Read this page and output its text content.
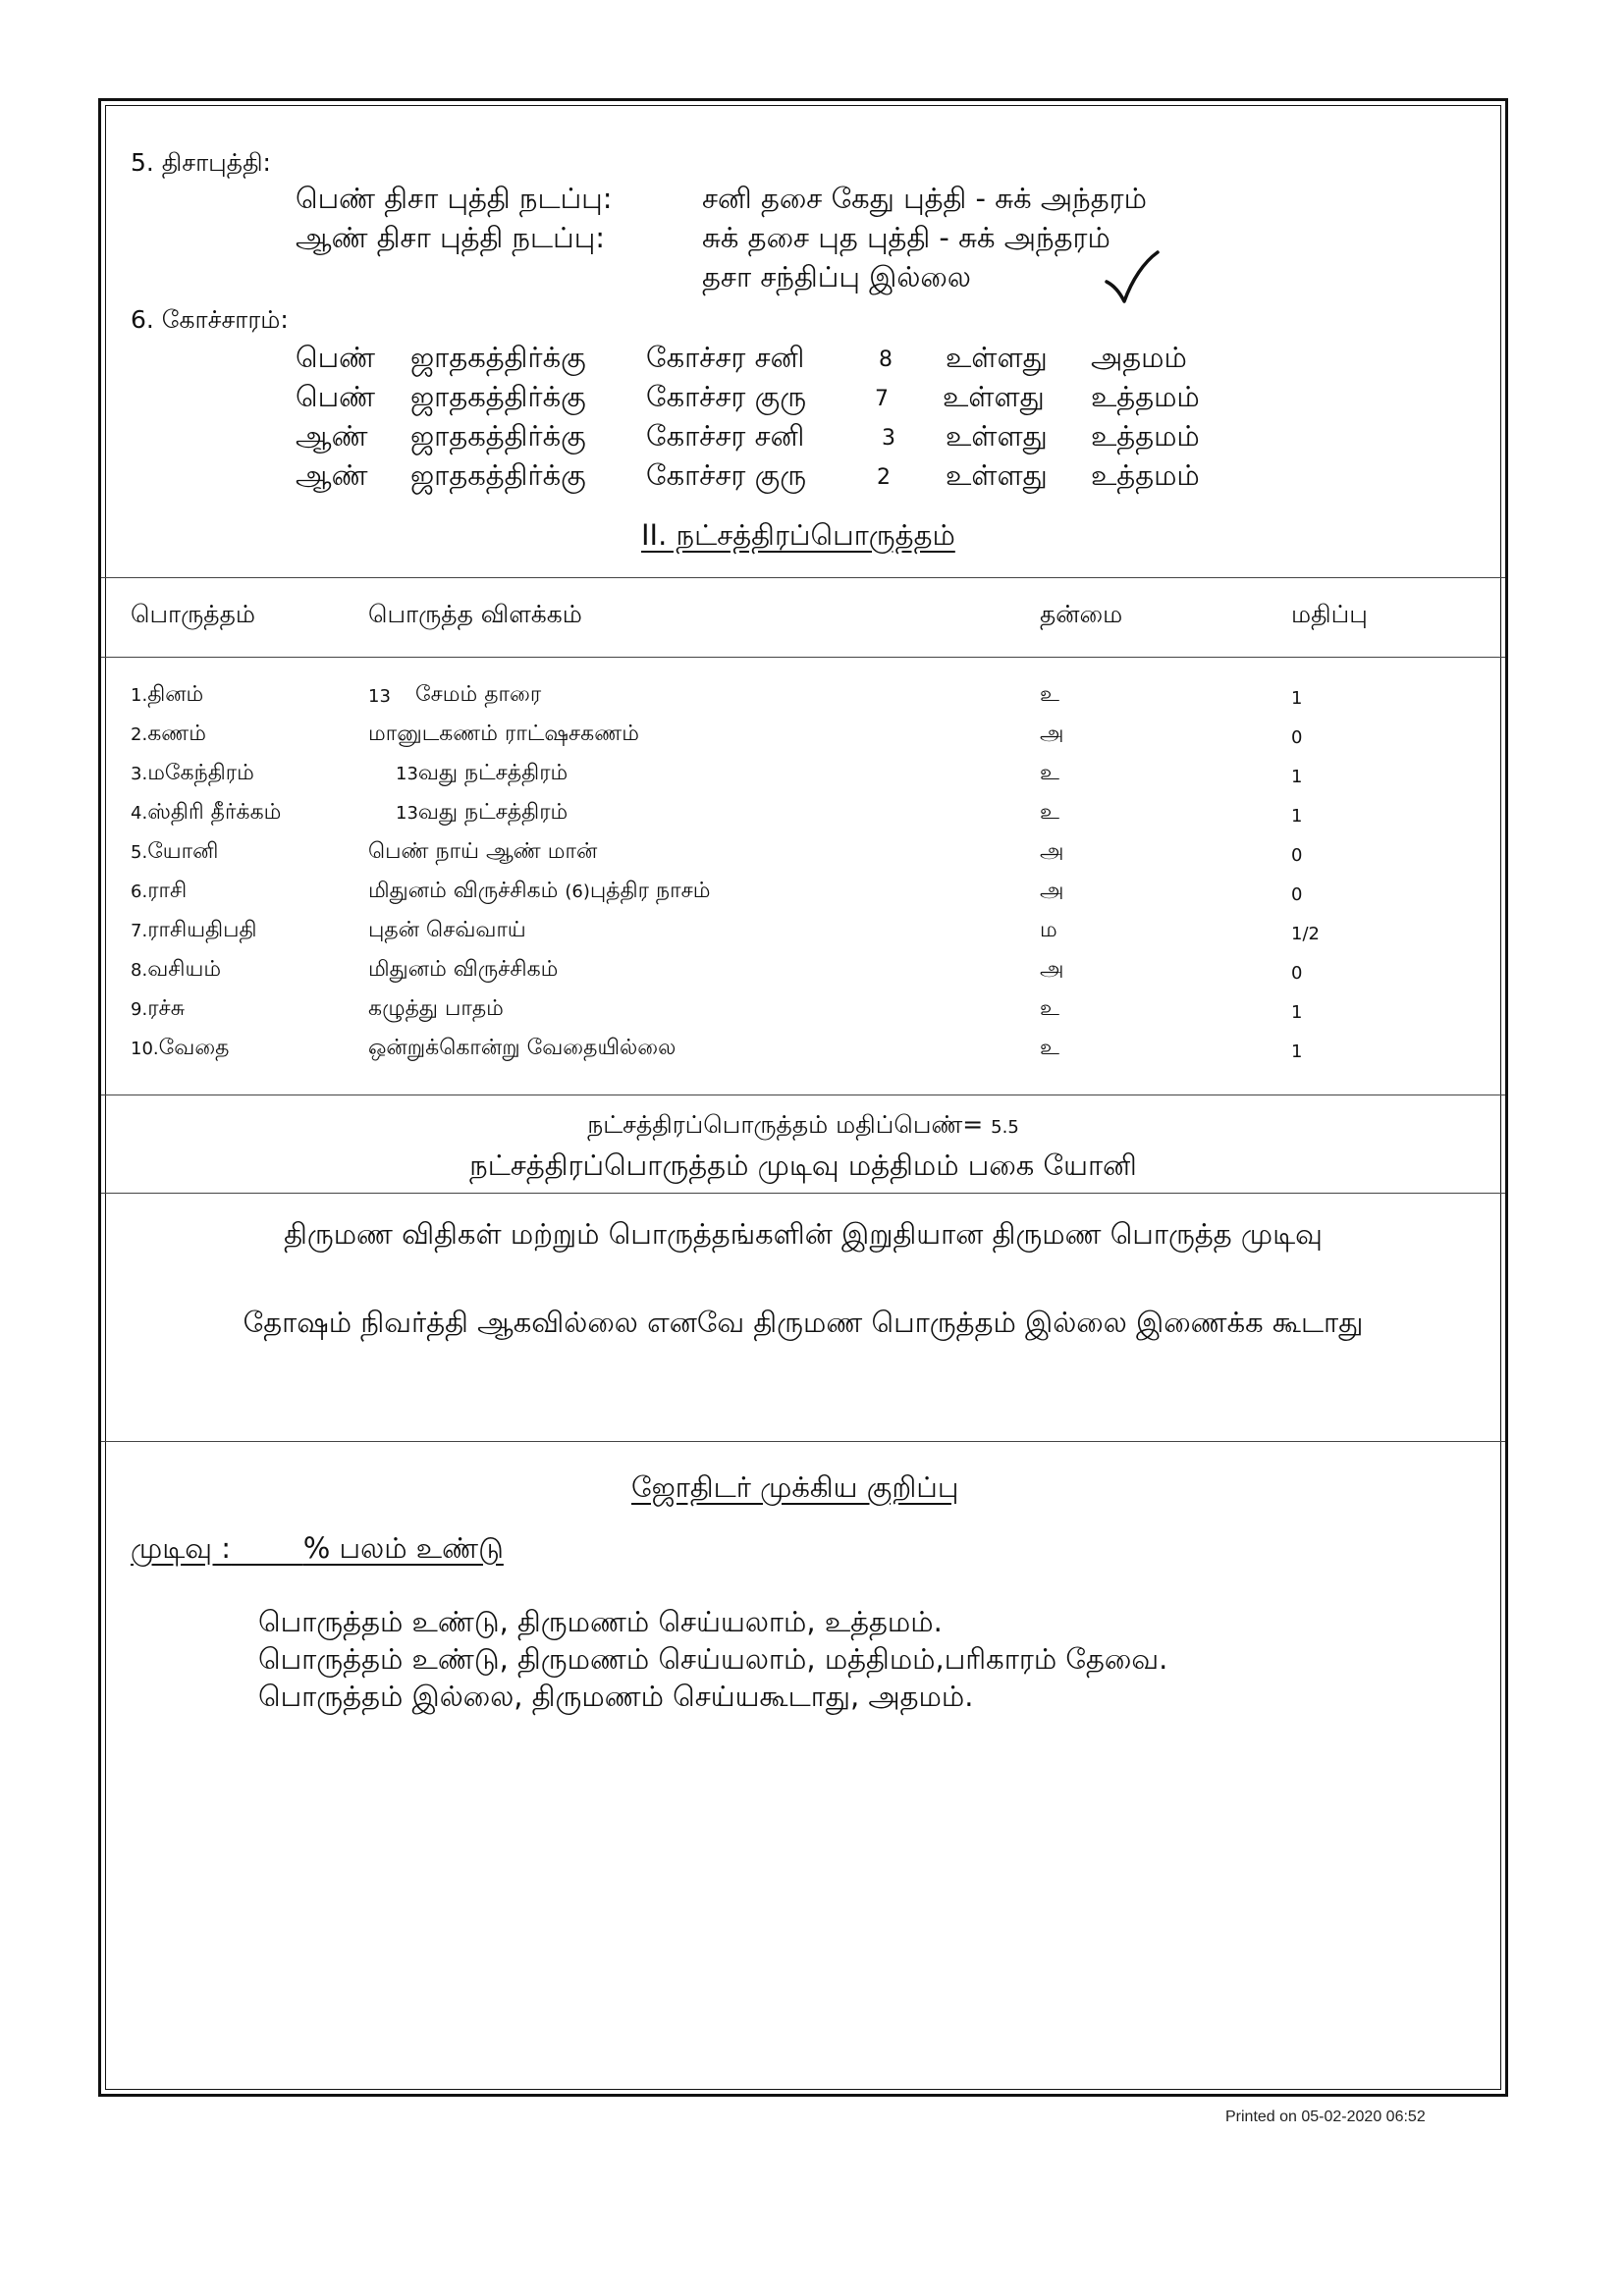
5. திசாபுத்தி:
பெண் திசா புத்தி நடப்பு:	சனி தசை கேது புத்தி - சுக் அந்தரம்
ஆண் திசா புத்தி நடப்பு:	சுக் தசை புத புத்தி - சுக் அந்தரம்
தசா சந்திப்பு இல்லை
6. கோச்சாரம்:
பெண் ஜாதகத்திர்க்கு கோச்சர சனி	8 உள்ளது அதமம்
பெண் ஜாதகத்திர்க்கு கோச்சர குரு	7 உள்ளது உத்தமம்
ஆண் ஜாதகத்திர்க்கு கோச்சர சனி	3 உள்ளது உத்தமம்
ஆண் ஜாதகத்திர்க்கு கோச்சர குரு	2 உள்ளது உத்தமம்
II. நட்சத்திரப்பொருத்தம்
பொருத்தம்	பொருத்த விளக்கம்	தன்மை	மதிப்பு
1.தினம்	13 சேமம் தாரை	உ	1
2.கணம்	மானுடகணம் ராட்ஷசகணம்	அ	0
3.மகேந்திரம்	13வது நட்சத்திரம்	உ	1
4.ஸ்திரி தீர்க்கம்	13வது நட்சத்திரம்	உ	1
5.யோனி	பெண் நாய் ஆண் மான்	அ	0
6.ராசி	மிதுனம் விருச்சிகம் (6)புத்திர நாசம்	அ	0
7.ராசியதிபதி	புதன் செவ்வாய்	ம	1/2
8.வசியம்	மிதுனம் விருச்சிகம்	அ	0
9.ரச்சு	கழுத்து பாதம்	உ	1
10.வேதை	ஒன்றுக்கொன்று வேதையில்லை	உ	1
நட்சத்திரப்பொருத்தம் மதிப்பெண்= 5.5
நட்சத்திரப்பொருத்தம் முடிவு மத்திமம் பகை யோனி
திருமண விதிகள் மற்றும் பொருத்தங்களின் இறுதியான திருமண பொருத்த முடிவு
தோஷம் நிவர்த்தி ஆகவில்லை எனவே திருமண பொருத்தம் இல்லை இணைக்க கூடாது
ஜோதிடர் முக்கிய குறிப்பு
முடிவு :	% பலம் உண்டு
பொருத்தம் உண்டு, திருமணம் செய்யலாம், உத்தமம்.
பொருத்தம் உண்டு, திருமணம் செய்யலாம், மத்திமம்,பரிகாரம் தேவை.
பொருத்தம் இல்லை, திருமணம் செய்யகூடாது, அதமம்.
Printed on 05-02-2020 06:52
